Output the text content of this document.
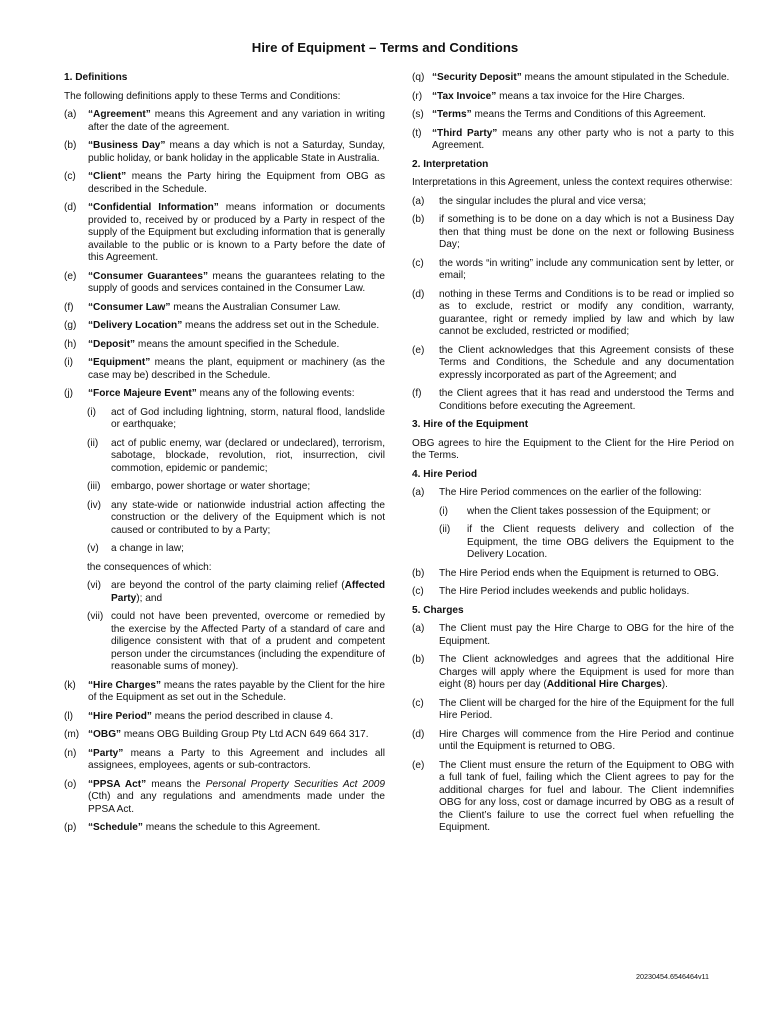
Hire of Equipment – Terms and Conditions
1. Definitions
The following definitions apply to these Terms and Conditions:
(a)	“Agreement” means this Agreement and any variation in writing after the date of the agreement.
(b)	“Business Day” means a day which is not a Saturday, Sunday, public holiday, or bank holiday in the applicable State in Australia.
(c)	“Client” means the Party hiring the Equipment from OBG as described in the Schedule.
(d)	“Confidential Information” means information or documents provided to, received by or produced by a Party in respect of the supply of the Equipment but excluding information that is generally available to the public or is known to a Party before the date of this Agreement.
(e)	“Consumer Guarantees” means the guarantees relating to the supply of goods and services contained in the Consumer Law.
(f)	“Consumer Law” means the Australian Consumer Law.
(g)	“Delivery Location” means the address set out in the Schedule.
(h)	“Deposit” means the amount specified in the Schedule.
(i)	“Equipment” means the plant, equipment or machinery (as the case may be) described in the Schedule.
(j)	“Force Majeure Event” means any of the following events:
(i)	act of God including lightning, storm, natural flood, landslide or earthquake;
(ii)	act of public enemy, war (declared or undeclared), terrorism, sabotage, blockade, revolution, riot, insurrection, civil commotion, epidemic or pandemic;
(iii)	embargo, power shortage or water shortage;
(iv) any state-wide or nationwide industrial action affecting the construction or the delivery of the Equipment which is not caused or contributed to by a Party;
(v)	a change in law;
the consequences of which:
(vi) are beyond the control of the party claiming relief (Affected Party); and
(vii) could not have been prevented, overcome or remedied by the exercise by the Affected Party of a standard of care and diligence consistent with that of a prudent and competent person under the circumstances (including the expenditure of reasonable sums of money).
(k)	“Hire Charges” means the rates payable by the Client for the hire of the Equipment as set out in the Schedule.
(l)	“Hire Period” means the period described in clause 4.
(m) “OBG” means OBG Building Group Pty Ltd ACN 649 664 317.
(n)	“Party” means a Party to this Agreement and includes all assignees, employees, agents or sub-contractors.
(o)	“PPSA Act” means the Personal Property Securities Act 2009 (Cth) and any regulations and amendments made under the PPSA Act.
(p)	“Schedule” means the schedule to this Agreement.
(q) “Security Deposit” means the amount stipulated in the Schedule.
(r) “Tax Invoice” means a tax invoice for the Hire Charges.
(s) “Terms” means the Terms and Conditions of this Agreement.
(t)	“Third Party” means any other party who is not a party to this Agreement.
2. Interpretation
Interpretations in this Agreement, unless the context requires otherwise:
(a)	the singular includes the plural and vice versa;
(b)	if something is to be done on a day which is not a Business Day then that thing must be done on the next or following Business Day;
(c)	the words “in writing” include any communication sent by letter, or email;
(d)	nothing in these Terms and Conditions is to be read or implied so as to exclude, restrict or modify any condition, warranty, guarantee, right or remedy implied by law and which by law cannot be excluded, restricted or modified;
(e)	the Client acknowledges that this Agreement consists of these Terms and Conditions, the Schedule and any documentation expressly incorporated as part of the Agreement; and
(f)	the Client agrees that it has read and understood the Terms and Conditions before executing the Agreement.
3. Hire of the Equipment
OBG agrees to hire the Equipment to the Client for the Hire Period on the Terms.
4. Hire Period
(a)	The Hire Period commences on the earlier of the following:
(i)	when the Client takes possession of the Equipment; or
(ii)	if the Client requests delivery and collection of the Equipment, the time OBG delivers the Equipment to the Delivery Location.
(b)	The Hire Period ends when the Equipment is returned to OBG.
(c)	The Hire Period includes weekends and public holidays.
5. Charges
(a)	The Client must pay the Hire Charge to OBG for the hire of the Equipment.
(b)	The Client acknowledges and agrees that the additional Hire Charges will apply where the Equipment is used for more than eight (8) hours per day (Additional Hire Charges).
(c)	The Client will be charged for the hire of the Equipment for the full Hire Period.
(d)	Hire Charges will commence from the Hire Period and continue until the Equipment is returned to OBG.
(e)	The Client must ensure the return of the Equipment to OBG with a full tank of fuel, failing which the Client agrees to pay for the additional charges for fuel and labour. The Client indemnifies OBG for any loss, cost or damage incurred by OBG as a result of the Client’s failure to use the correct fuel when refuelling the Equipment.
20230454.6546464v11
